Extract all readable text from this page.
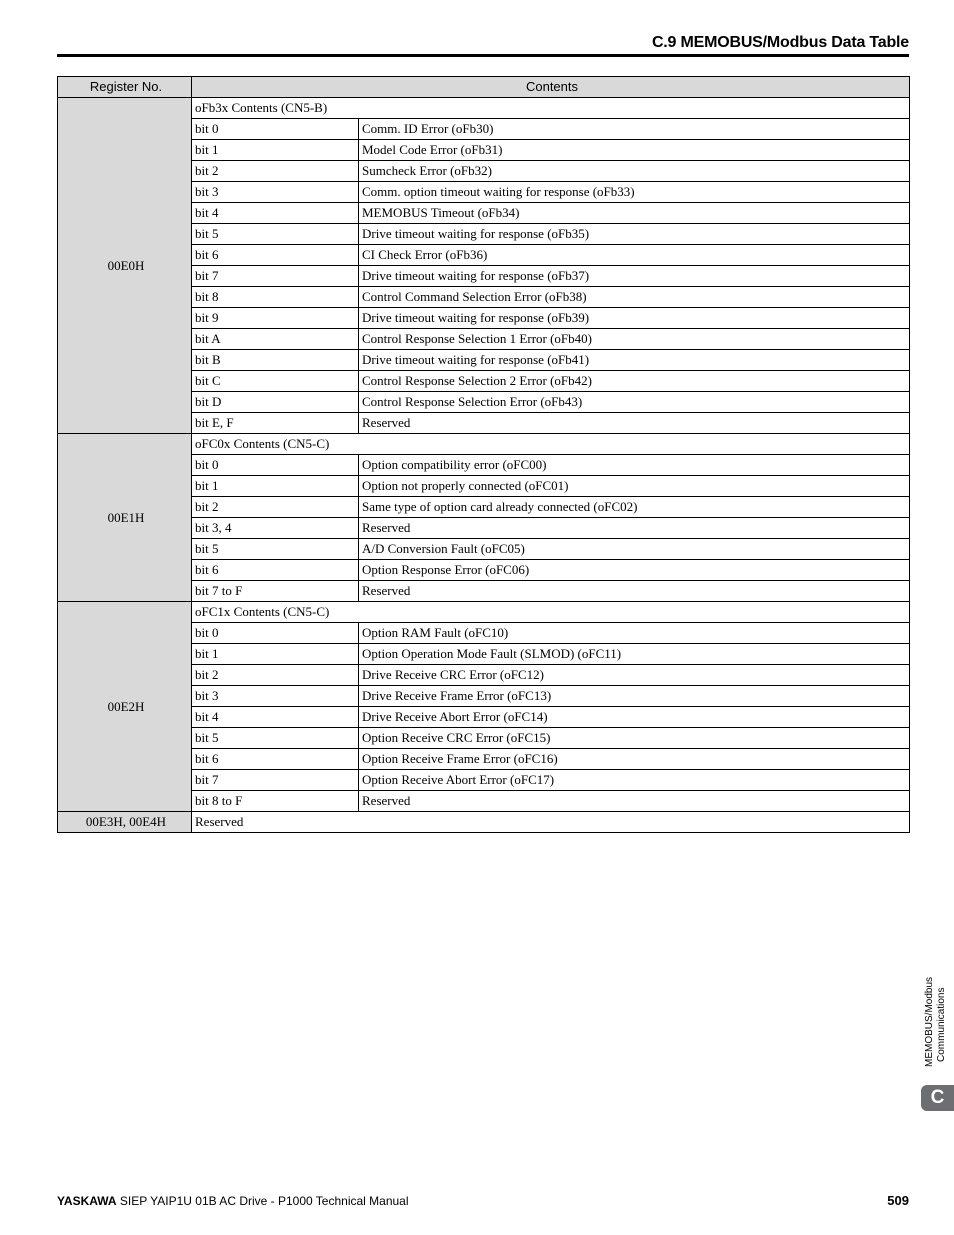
C.9 MEMOBUS/Modbus Data Table
Register No.	Contents	
00E0H	oFb3x Contents (CN5-B)	
	bit 0	Comm. ID Error (oFb30)
	bit 1	Model Code Error (oFb31)
	bit 2	Sumcheck Error (oFb32)
	bit 3	Comm. option timeout waiting for response (oFb33)
	bit 4	MEMOBUS Timeout (oFb34)
	bit 5	Drive timeout waiting for response (oFb35)
	bit 6	CI Check Error (oFb36)
	bit 7	Drive timeout waiting for response (oFb37)
	bit 8	Control Command Selection Error (oFb38)
	bit 9	Drive timeout waiting for response (oFb39)
	bit A	Control Response Selection 1 Error (oFb40)
	bit B	Drive timeout waiting for response (oFb41)
	bit C	Control Response Selection 2 Error (oFb42)
	bit D	Control Response Selection Error (oFb43)
	bit E, F	Reserved
00E1H	oFC0x Contents (CN5-C)	
	bit 0	Option compatibility error (oFC00)
	bit 1	Option not properly connected (oFC01)
	bit 2	Same type of option card already connected (oFC02)
	bit 3, 4	Reserved
	bit 5	A/D Conversion Fault (oFC05)
	bit 6	Option Response Error (oFC06)
	bit 7 to F	Reserved
00E2H	oFC1x Contents (CN5-C)	
	bit 0	Option RAM Fault (oFC10)
	bit 1	Option Operation Mode Fault (SLMOD) (oFC11)
	bit 2	Drive Receive CRC Error (oFC12)
	bit 3	Drive Receive Frame Error (oFC13)
	bit 4	Drive Receive Abort Error (oFC14)
	bit 5	Option Receive CRC Error (oFC15)
	bit 6	Option Receive Frame Error (oFC16)
	bit 7	Option Receive Abort Error (oFC17)
	bit 8 to F	Reserved
00E3H, 00E4H	Reserved	
MEMOBUS/Modbus Communications
C
YASKAWA SIEP YAIP1U 01B AC Drive - P1000 Technical Manual	509
